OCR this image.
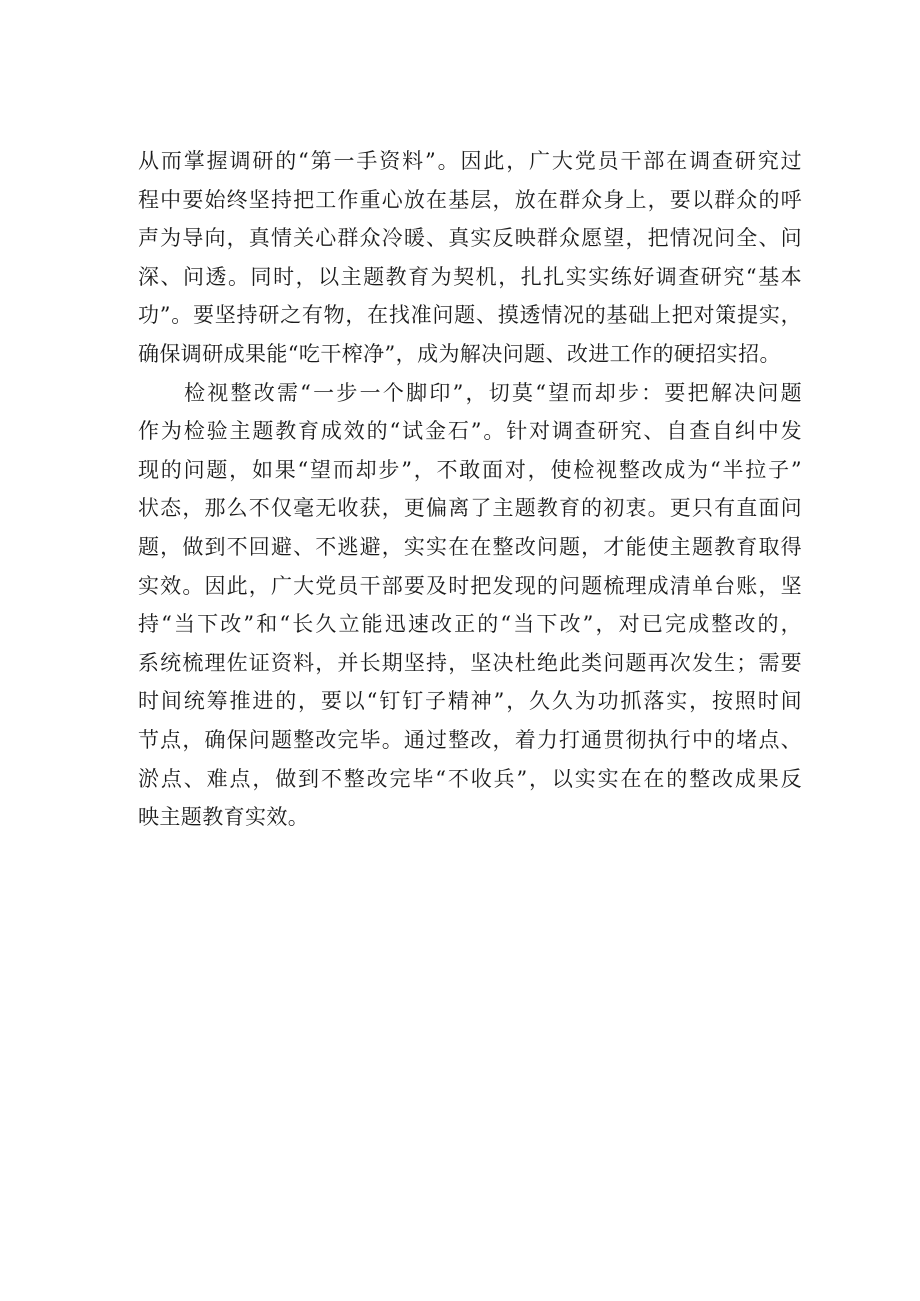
从而掌握调研的“第一手资料”。因此，广大党员干部在调查研究过
程中要始终坚持把工作重心放在基层，放在群众身上，要以群众的呼
声为导向，真情关心群众冷暖、真实反映群众愿望，把情况问全、问
深、问透。同时，以主题教育为契机，扎扎实实练好调查研究“基本
功”。要坚持研之有物，在找准问题、摸透情况的基础上把对策提实，
确保调研成果能“吃干榨净”，成为解决问题、改进工作的硬招实招。
检视整改需“一步一个脚印”，切莫“望而却步：要把解决问题
作为检验主题教育成效的“试金石”。针对调查研究、自查自纠中发
现的问题，如果“望而却步”，不敢面对，使检视整改成为“半拉子”
状态，那么不仅毫无收获，更偏离了主题教育的初衷。更只有直面问
题，做到不回避、不逃避，实实在在整改问题，才能使主题教育取得
实效。因此，广大党员干部要及时把发现的问题梳理成清单台账，坚
持“当下改”和“长久立能迅速改正的“当下改”，对已完成整改的，
系统梳理佐证资料，并长期坚持，坚决杜绝此类问题再次发生；需要
时间统筹推进的，要以“钉钉子精神”，久久为功抓落实，按照时间
节点，确保问题整改完毕。通过整改，着力打通贯彻执行中的堵点、
淤点、难点，做到不整改完毕“不收兵”，以实实在在的整改成果反
映主题教育实效。
